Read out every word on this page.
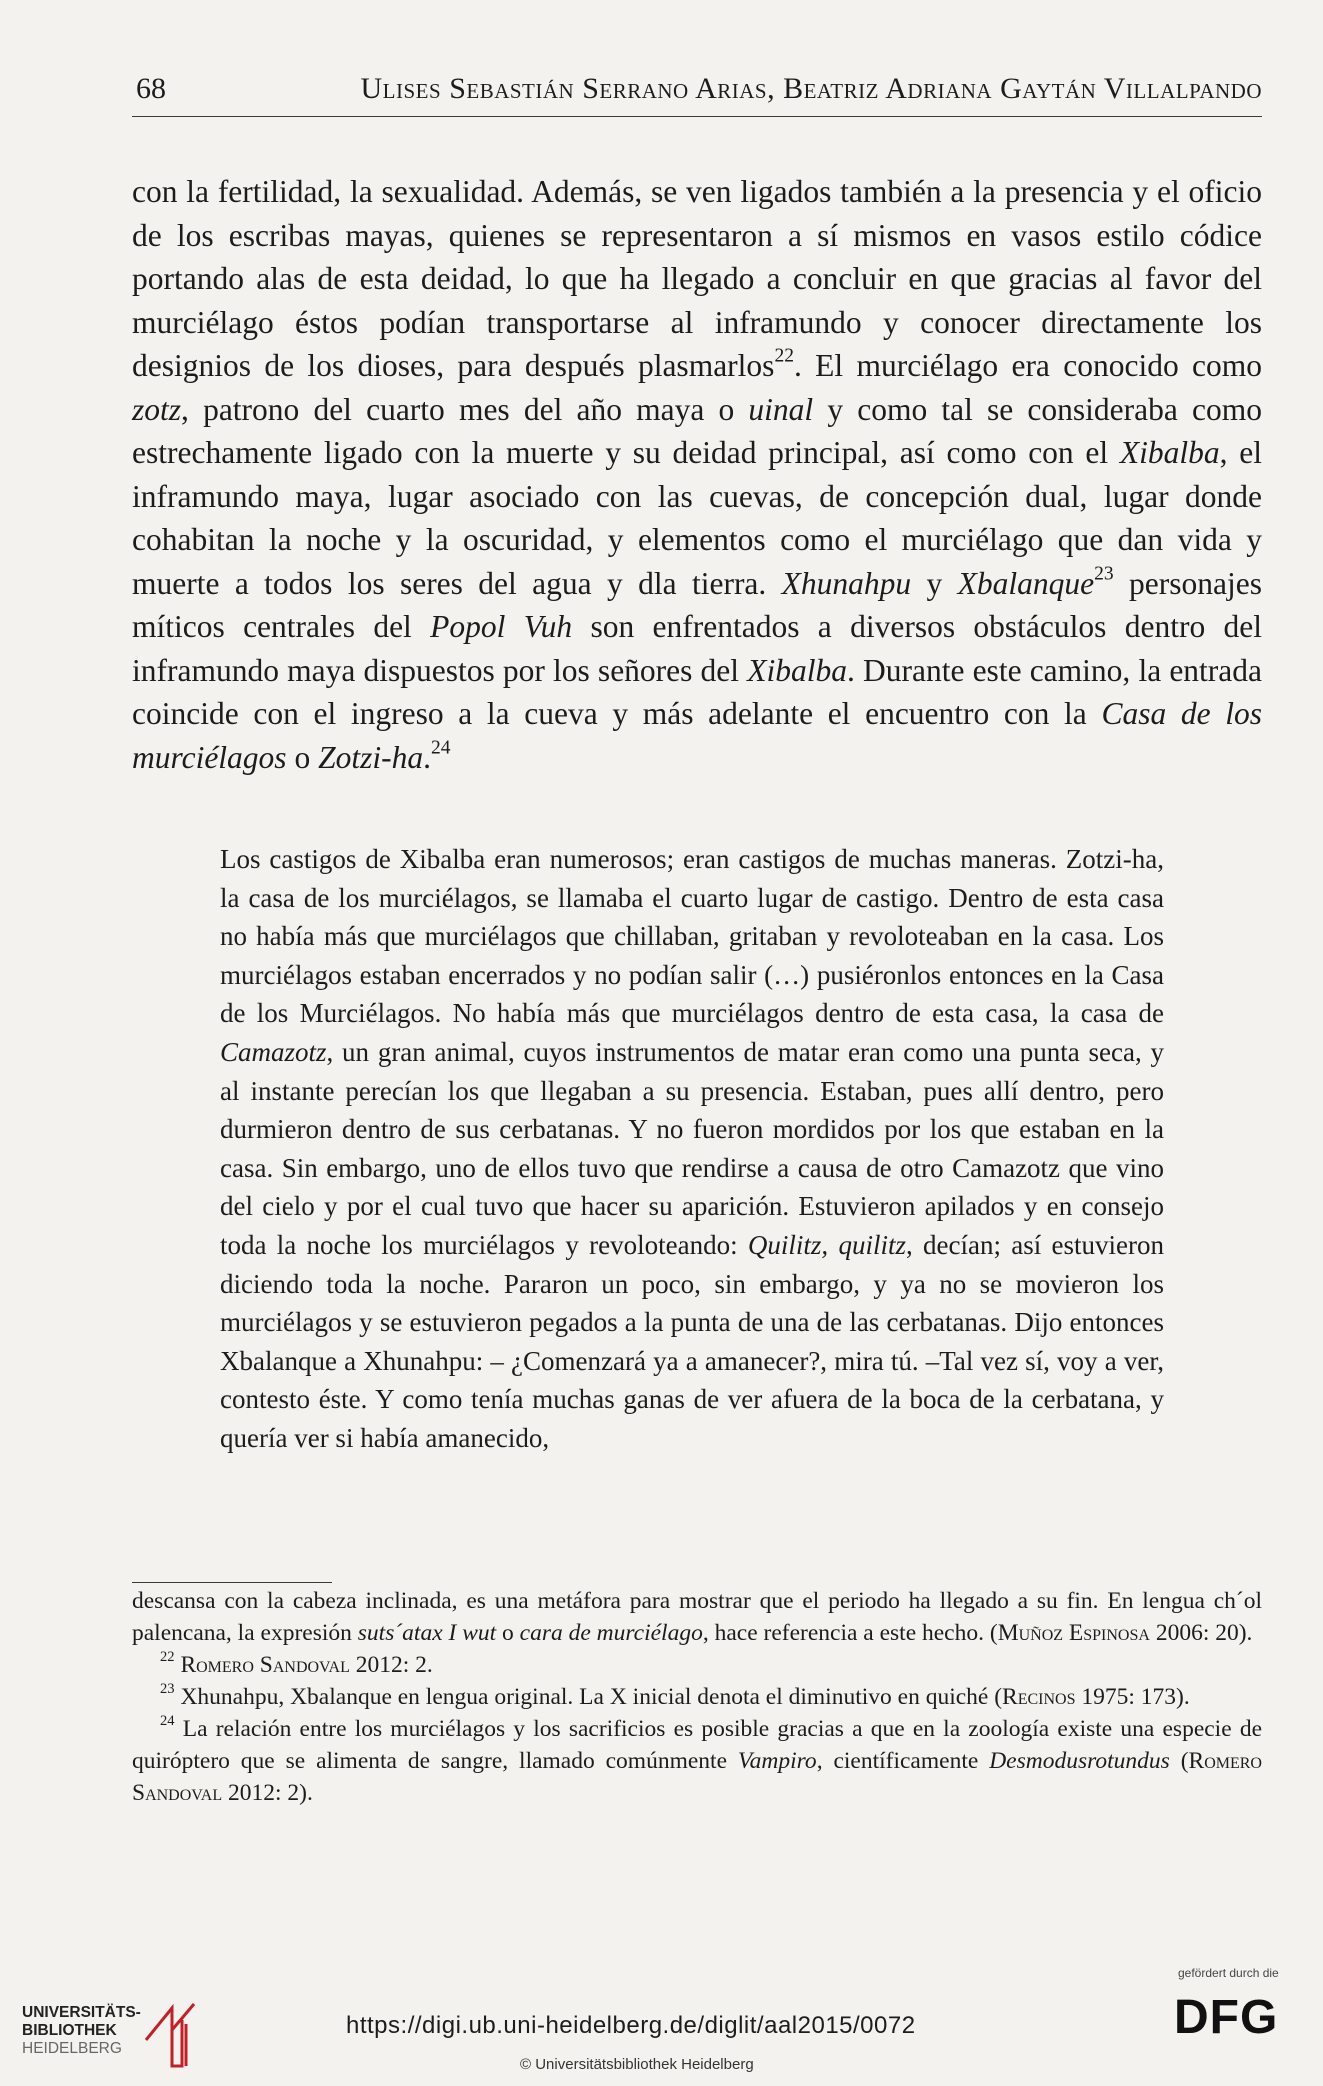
68	Ulises Sebastián Serrano Arias, Beatriz Adriana Gaytán Villalpando

con la fertilidad, la sexualidad. Además, se ven ligados también a la presencia y el oficio de los escribas mayas, quienes se representaron a sí mismos en vasos estilo códice portando alas de esta deidad, lo que ha llegado a concluir en que gracias al favor del murciélago éstos podían transportarse al inframundo y conocer directamente los designios de los dioses, para después plasmarlos$^{22}$. El murciélago era conocido como zotz, patrono del cuarto mes del año maya o uinal y como tal se consideraba como estrechamente ligado con la muerte y su deidad principal, así como con el Xibalba, el inframundo maya, lugar asociado con las cuevas, de concepción dual, lugar donde cohabitan la noche y la oscuridad, y elementos como el murciélago que dan vida y muerte a todos los seres del agua y dla tierra. Xhunahpu y Xbalanque$^{23}$ personajes míticos centrales del Popol Vuh son enfrentados a diversos obstáculos dentro del inframundo maya dispuestos por los señores del Xibalba. Durante este camino, la entrada coincide con el ingreso a la cueva y más adelante el encuentro con la Casa de los murciélagos o Zotzi-ha.$^{24}$

Los castigos de Xibalba eran numerosos; eran castigos de muchas maneras. Zotzi-ha, la casa de los murciélagos, se llamaba el cuarto lugar de castigo. Dentro de esta casa no había más que murciélagos que chillaban, gritaban y revoloteaban en la casa. Los murciélagos estaban encerrados y no podían salir (…) pusiéronlos entonces en la Casa de los Murciélagos. No había más que murciélagos dentro de esta casa, la casa de Camazotz, un gran animal, cuyos instrumentos de matar eran como una punta seca, y al instante perecían los que llegaban a su presencia. Estaban, pues allí dentro, pero durmieron dentro de sus cerbatanas. Y no fueron mordidos por los que estaban en la casa. Sin embargo, uno de ellos tuvo que rendirse a causa de otro Camazotz que vino del cielo y por el cual tuvo que hacer su aparición. Estuvieron apilados y en consejo toda la noche los murciélagos y revoloteando: Quilitz, quilitz, decían; así estuvieron diciendo toda la noche. Pararon un poco, sin embargo, y ya no se movieron los murciélagos y se estuvieron pegados a la punta de una de las cerbatanas. Dijo entonces Xbalanque a Xhunahpu: – ¿Comenzará ya a amanecer?, mira tú. –Tal vez sí, voy a ver, contesto éste. Y como tenía muchas ganas de ver afuera de la boca de la cerbatana, y quería ver si había amanecido,

descansa con la cabeza inclinada, es una metáfora para mostrar que el periodo ha llegado a su fin. En lengua ch´ol palencana, la expresión suts´atax I wut o cara de murciélago, hace referencia a este hecho. (Muñoz Espinosa 2006: 20).

$^{22}$ Romero Sandoval 2012: 2.

$^{23}$ Xhunahpu, Xbalanque en lengua original. La X inicial denota el diminutivo en quiché (Recinos 1975: 173).

$^{24}$ La relación entre los murciélagos y los sacrificios es posible gracias a que en la zoología existe una especie de quiróptero que se alimenta de sangre, llamado comúnmente Vampiro, científicamente Desmodusrotundus (Romero Sandoval 2012: 2).

UNIVERSITÄTS-
BIBLIOTHEK
HEIDELBERG
https://digi.ub.uni-heidelberg.de/diglit/aal2015/0072
© Universitätsbibliothek Heidelberg
gefördert durch die
DFG
